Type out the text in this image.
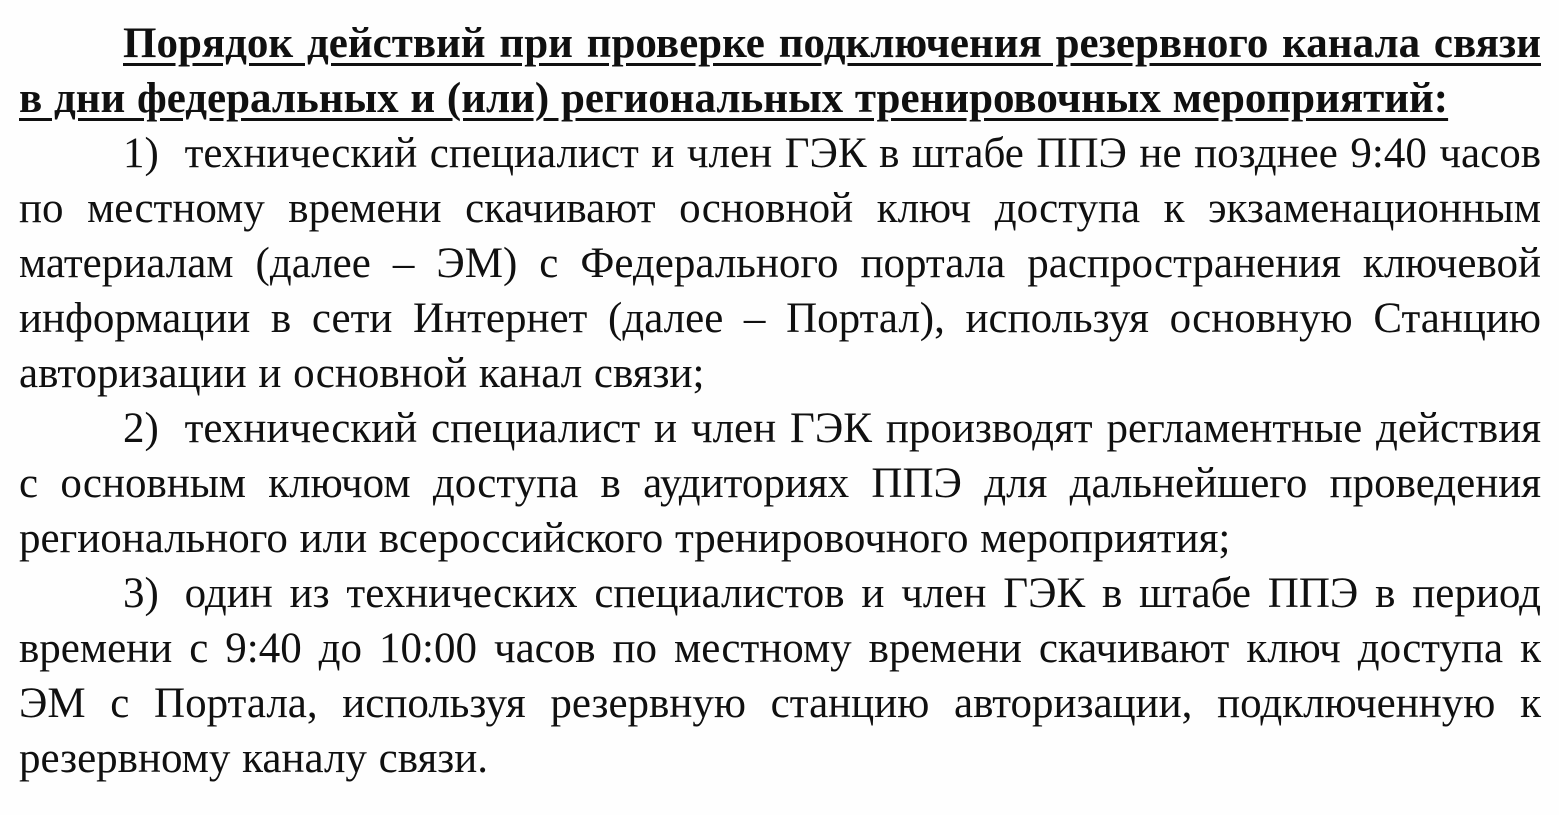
Порядок действий при проверке подключения резервного канала связи в дни федеральных и (или) региональных тренировочных мероприятий:

1) технический специалист и член ГЭК в штабе ППЭ не позднее 9:40 часов по местному времени скачивают основной ключ доступа к экзаменационным материалам (далее – ЭМ) с Федерального портала распространения ключевой информации в сети Интернет (далее – Портал), используя основную Станцию авторизации и основной канал связи;

2) технический специалист и член ГЭК производят регламентные действия с основным ключом доступа в аудиториях ППЭ для дальнейшего проведения регионального или всероссийского тренировочного мероприятия;

3) один из технических специалистов и член ГЭК в штабе ППЭ в период времени с 9:40 до 10:00 часов по местному времени скачивают ключ доступа к ЭМ с Портала, используя резервную станцию авторизации, подключенную к резервному каналу связи.
